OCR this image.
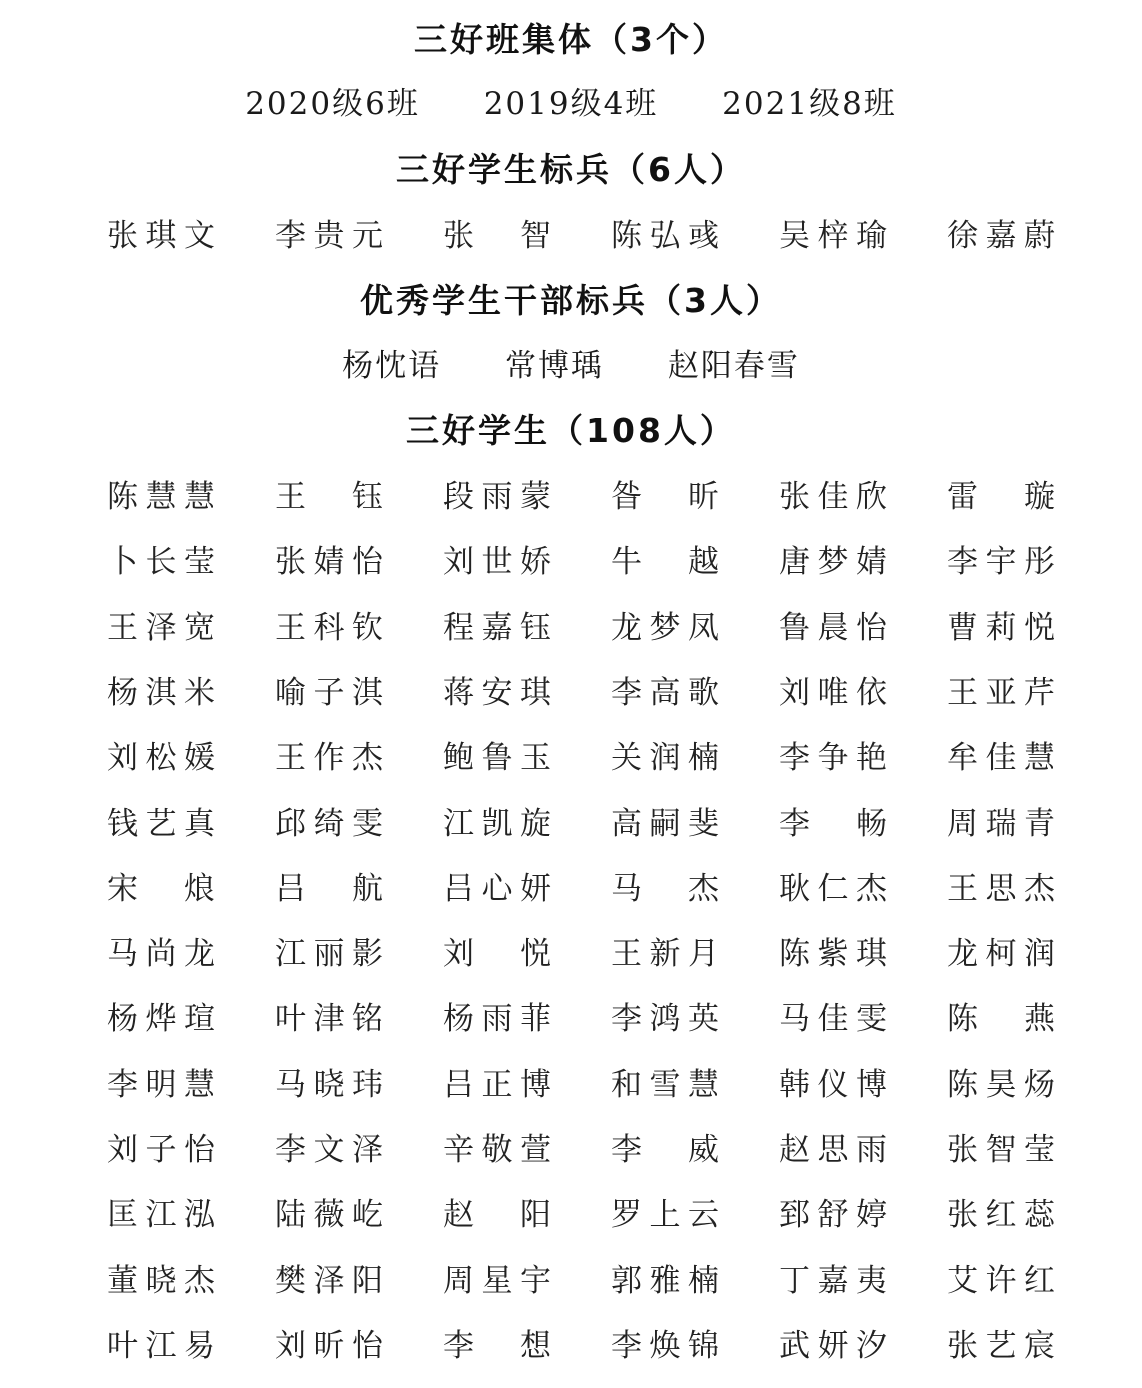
三好班集体（3个）
2020级6班 2019级4班 2021级8班
三好学生标兵（6人）
张 琪 文 李 贵 元 张 智 陈 弘 彧 吴 梓 瑜 徐 嘉 蔚
优秀学生干部标兵（3人）
杨忱语 常博瑀 赵阳春雪
三好学生（108人）
陈 慧 慧 王 钰 段 雨 蒙 昝 昕 张 佳 欣 雷 璇
卜 长 莹 张 婧 怡 刘 世 娇 牛 越 唐 梦 婧 李 宇 彤
王 泽 宽 王 科 钦 程 嘉 钰 龙 梦 凤 鲁 晨 怡 曹 莉 悦
杨 淇 米 喻 子 淇 蒋 安 琪 李 高 歌 刘 唯 依 王 亚 芹
刘 松 媛 王 作 杰 鲍 鲁 玉 关 润 楠 李 争 艳 牟 佳 慧
钱 艺 真 邱 绮 雯 江 凯 旋 高 嗣 斐 李 畅 周 瑞 青
宋 烺 吕 航 吕 心 妍 马 杰 耿 仁 杰 王 思 杰
马 尚 龙 江 丽 影 刘 悦 王 新 月 陈 紫 琪 龙 柯 润
杨 烨 瑄 叶 津 铭 杨 雨 菲 李 鸿 英 马 佳 雯 陈 燕
李 明 慧 马 晓 玮 吕 正 博 和 雪 慧 韩 仪 博 陈 昊 炀
刘 子 怡 李 文 泽 辛 敬 萱 李 威 赵 思 雨 张 智 莹
匡 江 泓 陆 薇 屹 赵 阳 罗 上 云 郅 舒 婷 张 红 蕊
董 晓 杰 樊 泽 阳 周 星 宇 郭 雅 楠 丁 嘉 夷 艾 许 红
叶 江 易 刘 昕 怡 李 想 李 焕 锦 武 妍 汐 张 艺 宸
